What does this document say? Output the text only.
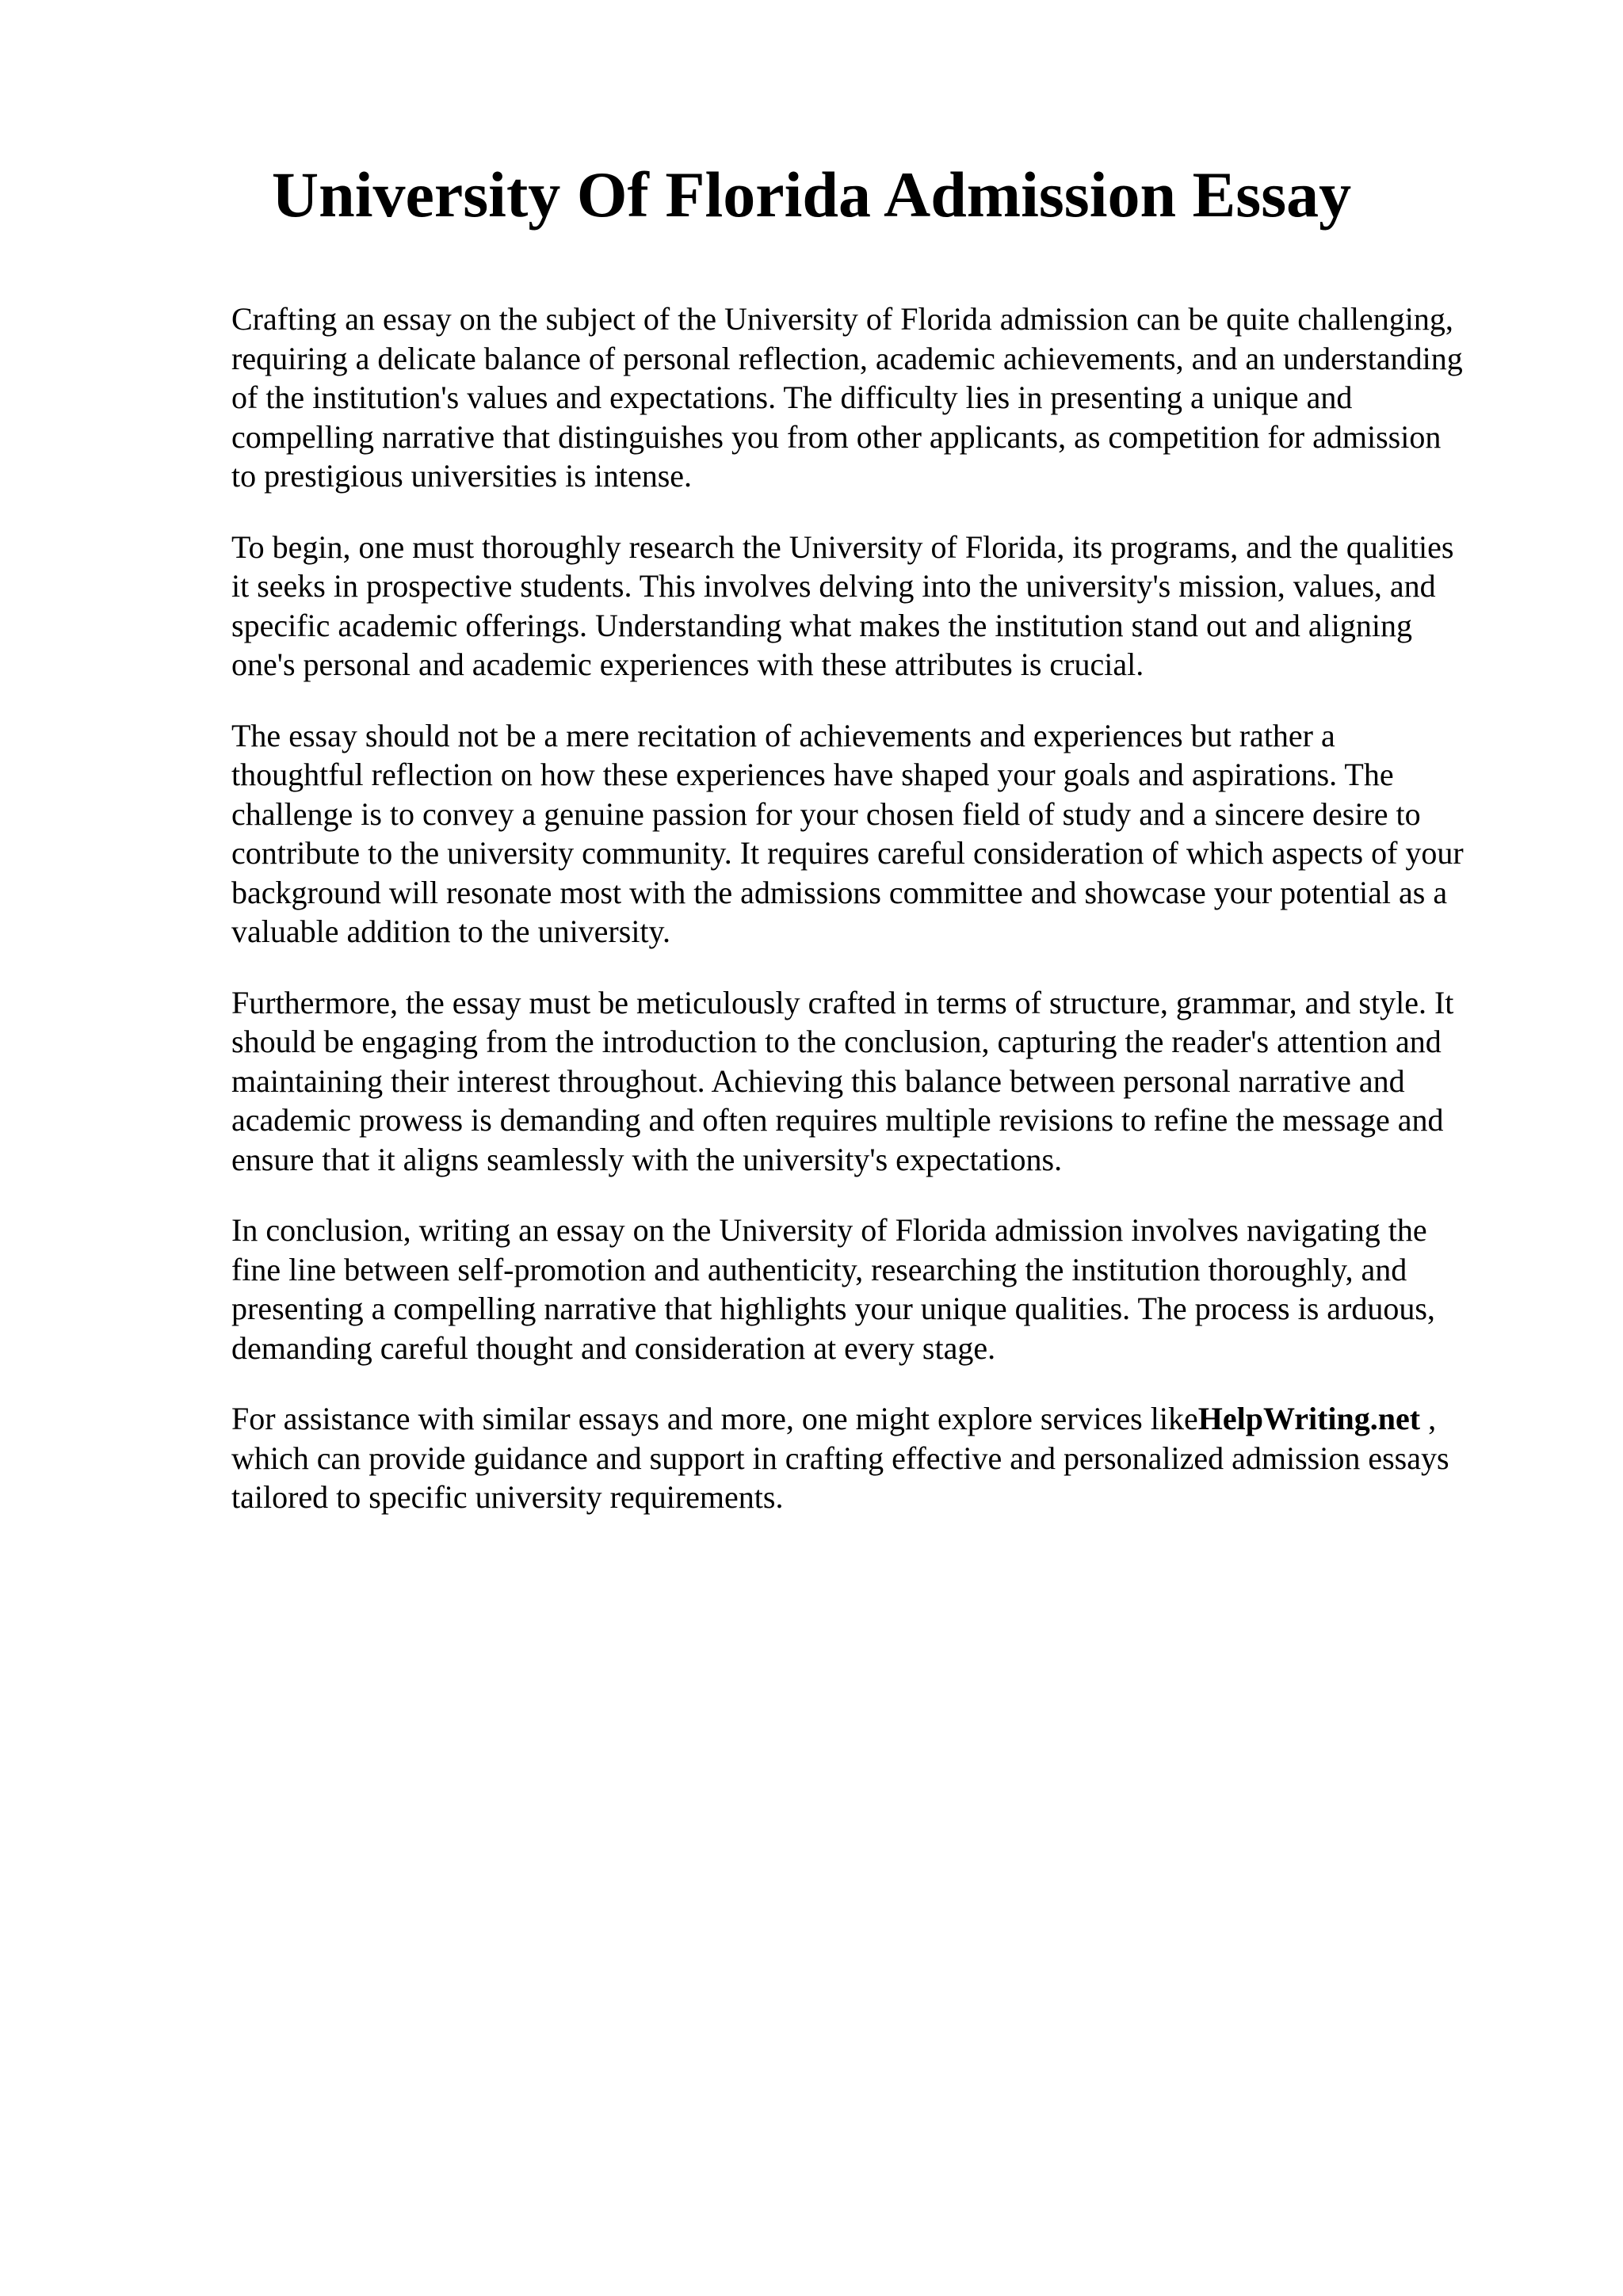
University Of Florida Admission Essay

Crafting an essay on the subject of the University of Florida admission can be quite challenging,
requiring a delicate balance of personal reflection, academic achievements, and an understanding
of the institution's values and expectations. The difficulty lies in presenting a unique and
compelling narrative that distinguishes you from other applicants, as competition for admission
to prestigious universities is intense.

To begin, one must thoroughly research the University of Florida, its programs, and the qualities
it seeks in prospective students. This involves delving into the university's mission, values, and
specific academic offerings. Understanding what makes the institution stand out and aligning
one's personal and academic experiences with these attributes is crucial.

The essay should not be a mere recitation of achievements and experiences but rather a
thoughtful reflection on how these experiences have shaped your goals and aspirations. The
challenge is to convey a genuine passion for your chosen field of study and a sincere desire to
contribute to the university community. It requires careful consideration of which aspects of your
background will resonate most with the admissions committee and showcase your potential as a
valuable addition to the university.

Furthermore, the essay must be meticulously crafted in terms of structure, grammar, and style. It
should be engaging from the introduction to the conclusion, capturing the reader's attention and
maintaining their interest throughout. Achieving this balance between personal narrative and
academic prowess is demanding and often requires multiple revisions to refine the message and
ensure that it aligns seamlessly with the university's expectations.

In conclusion, writing an essay on the University of Florida admission involves navigating the
fine line between self-promotion and authenticity, researching the institution thoroughly, and
presenting a compelling narrative that highlights your unique qualities. The process is arduous,
demanding careful thought and consideration at every stage.

For assistance with similar essays and more, one might explore services likeHelpWriting.net ,
which can provide guidance and support in crafting effective and personalized admission essays
tailored to specific university requirements.
